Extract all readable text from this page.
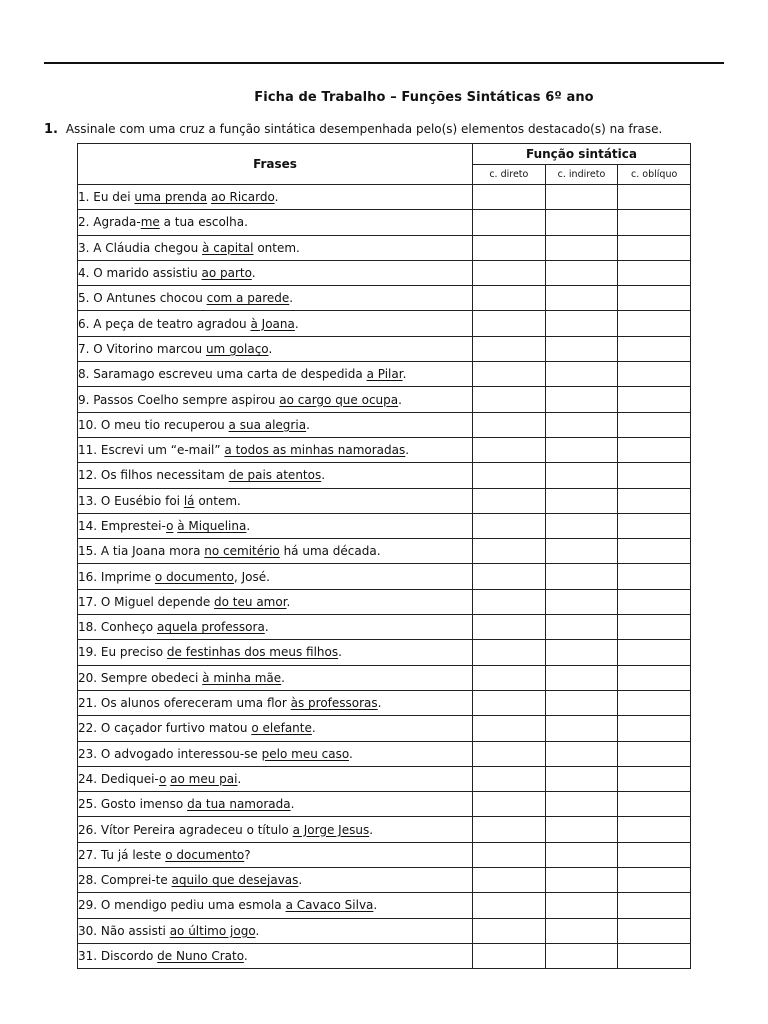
Ficha de Trabalho – Funções Sintáticas 6º ano
1. Assinale com uma cruz a função sintática desempenhada pelo(s) elementos destacado(s) na frase.
Frases	Função sintática		
	c. direto	c. indireto	c. oblíquo
1. Eu dei uma prenda ao Ricardo.			
2. Agrada-me a tua escolha.			
3. A Cláudia chegou à capital ontem.			
4. O marido assistiu ao parto.			
5. O Antunes chocou com a parede.			
6. A peça de teatro agradou à Joana.			
7. O Vitorino marcou um golaço.			
8. Saramago escreveu uma carta de despedida a Pilar.			
9. Passos Coelho sempre aspirou ao cargo que ocupa.			
10. O meu tio recuperou a sua alegria.			
11. Escrevi um “e-mail” a todos as minhas namoradas.			
12. Os filhos necessitam de pais atentos.			
13. O Eusébio foi lá ontem.			
14. Emprestei-o à Miquelina.			
15. A tia Joana mora no cemitério há uma década.			
16. Imprime o documento, José.			
17. O Miguel depende do teu amor.			
18. Conheço aquela professora.			
19. Eu preciso de festinhas dos meus filhos.			
20. Sempre obedeci à minha mãe.			
21. Os alunos ofereceram uma flor às professoras.			
22. O caçador furtivo matou o elefante.			
23. O advogado interessou-se pelo meu caso.			
24. Dediquei-o ao meu pai.			
25. Gosto imenso da tua namorada.			
26. Vítor Pereira agradeceu o título a Jorge Jesus.			
27. Tu já leste o documento?			
28. Comprei-te aquilo que desejavas.			
29. O mendigo pediu uma esmola a Cavaco Silva.			
30. Não assisti ao último jogo.			
31. Discordo de Nuno Crato.			
